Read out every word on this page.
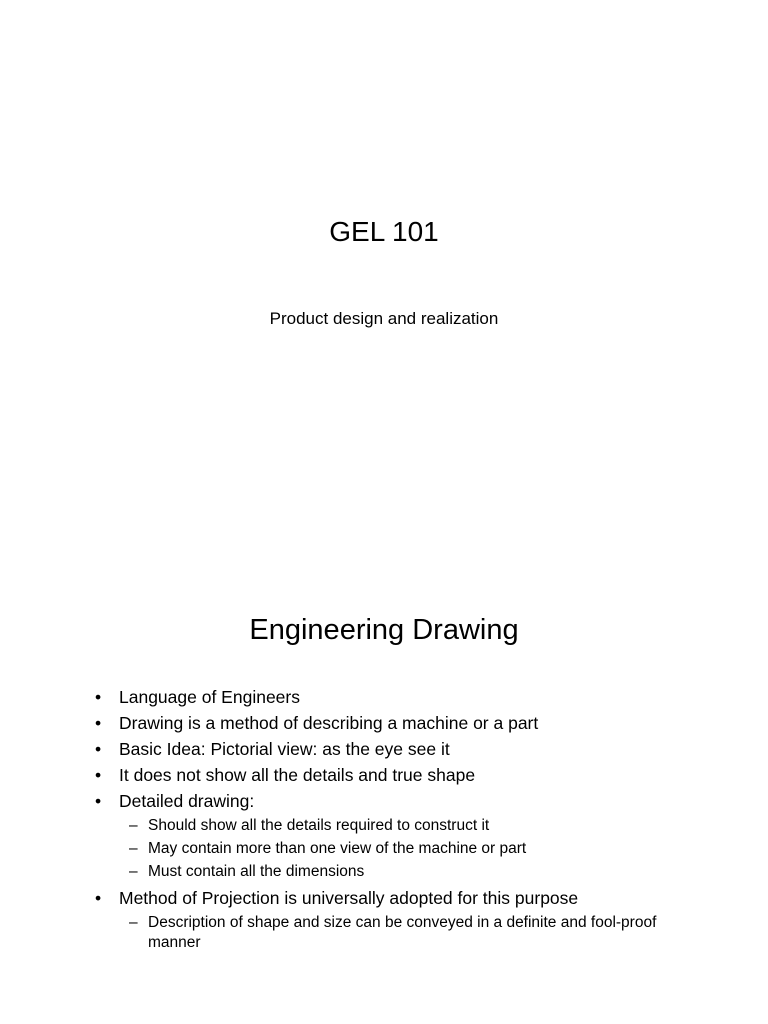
GEL 101
Product design and realization
Engineering Drawing
• Language of Engineers
• Drawing is a method of describing a machine or a part
• Basic Idea: Pictorial view: as the eye see it
• It does not show all the details and true shape
• Detailed drawing:
– Should show all the details required to construct it
– May contain more than one view of the machine or part
– Must contain all the dimensions
• Method of Projection is universally adopted for this purpose
– Description of shape and size can be conveyed in a definite and fool-proof manner
